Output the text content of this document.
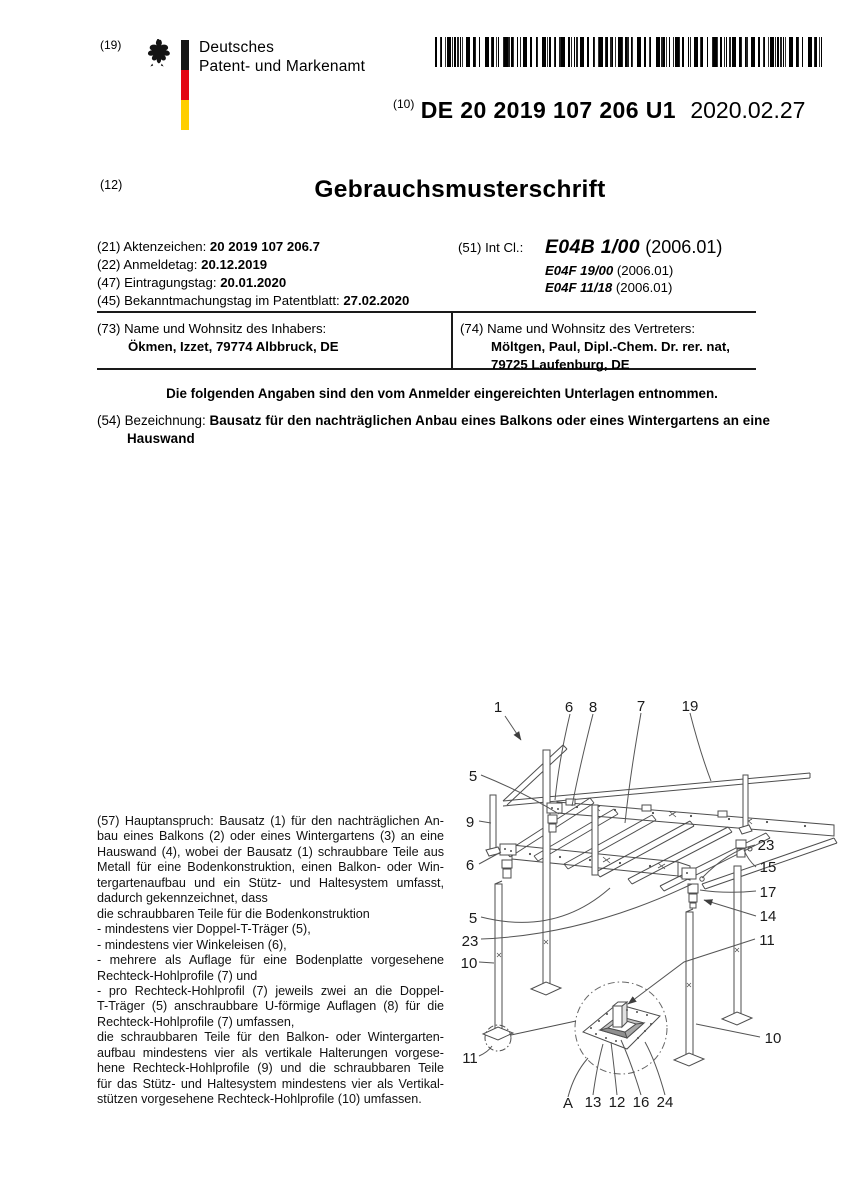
(19)	Deutsches
Patent- und Markenamt
$^{(10)}$ DE 20 2019 107 206 U1 2020.02.27
(12)	Gebrauchsmusterschrift
(21) Aktenzeichen: 20 2019 107 206.7
(22) Anmeldetag: 20.12.2019
(47) Eintragungstag: 20.01.2020
(45) Bekanntmachungstag im Patentblatt: 27.02.2020
(51) Int Cl.: E04B 1/00 (2006.01)
E04F 19/00 (2006.01)
E04F 11/18 (2006.01)
(73) Name und Wohnsitz des Inhabers:
Ökmen, Izzet, 79774 Albbruck, DE
(74) Name und Wohnsitz des Vertreters:
Möltgen, Paul, Dipl.-Chem. Dr. rer. nat, 79725 Laufenburg, DE
Die folgenden Angaben sind den vom Anmelder eingereichten Unterlagen entnommen.
(54) Bezeichnung: Bausatz für den nachträglichen Anbau eines Balkons oder eines Wintergartens an eine
Hauswand
(57) Hauptanspruch: Bausatz (1) für den nachträglichen An-
bau eines Balkons (2) oder eines Wintergartens (3) an eine
Hauswand (4), wobei der Bausatz (1) schraubbare Teile aus
Metall für eine Bodenkonstruktion, einen Balkon- oder Win-
tergartenaufbau und ein Stütz- und Haltesystem umfasst,
dadurch gekennzeichnet, dass
die schraubbaren Teile für die Bodenkonstruktion
- mindestens vier Doppel-T-Träger (5),
- mindestens vier Winkeleisen (6),
- mehrere als Auflage für eine Bodenplatte vorgesehene
Rechteck-Hohlprofile (7) und
- pro Rechteck-Hohlprofil (7) jeweils zwei an die Doppel-
T-Träger (5) anschraubbare U-förmige Auflagen (8) für die
Rechteck-Hohlprofile (7) umfassen,
die schraubbaren Teile für den Balkon- oder Wintergarten-
aufbau mindestens vier als vertikale Halterungen vorgese-
hene Rechteck-Hohlprofile (9) und die schraubbaren Teile
für das Stütz- und Haltesystem mindestens vier als Vertikal-
stützen vorgesehene Rechteck-Hohlprofile (10) umfassen.
1	6 8	7 19
5
9
6
23
15
17
14
5
23
10
11
10
11
A 13 12 16 24
